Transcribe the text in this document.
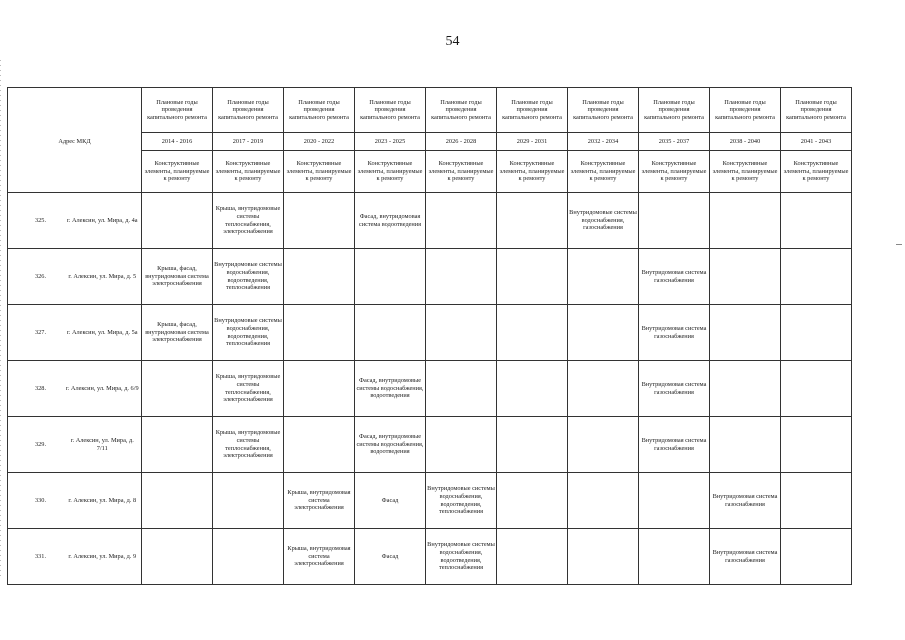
54
		Плановые годы проведения капитального ремонта	Плановые годы проведения капитального ремонта	Плановые годы проведения капитального ремонта	Плановые годы проведения капитального ремонта	Плановые годы проведения капитального ремонта	Плановые годы проведения капитального ремонта	Плановые годы проведения капитального ремонта	Плановые годы проведения капитального ремонта	Плановые годы проведения капитального ремонта	Плановые годы проведения капитального ремонта
Адрес МКД		2014 - 2016	2017 - 2019	2020 - 2022	2023 - 2025	2026 - 2028	2029 - 2031	2032 - 2034	2035 - 2037	2038 - 2040	2041 - 2043
		Конструктивные элементы, планируемые к ремонту	Конструктивные элементы, планируемые к ремонту	Конструктивные элементы, планируемые к ремонту	Конструктивные элементы, планируемые к ремонту	Конструктивные элементы, планируемые к ремонту	Конструктивные элементы, планируемые к ремонту	Конструктивные элементы, планируемые к ремонту	Конструктивные элементы, планируемые к ремонту	Конструктивные элементы, планируемые к ремонту	Конструктивные элементы, планируемые к ремонту
325.	г. Алексин, ул. Мира, д. 4а		Крыша, внутридомовые системы теплоснабжения, электроснабжения		Фасад, внутридомовая система водоотведения			Внутридомовые системы водоснабжения, газоснабжения			
326.	г. Алексин, ул. Мира, д. 5	Крыша, фасад, внутридомовая система электроснабжения	Внутридомовые системы водоснабжения, водоотведения, теплоснабжения						Внутридомовая система газоснабжения		
327.	г. Алексин, ул. Мира, д. 5а	Крыша, фасад, внутридомовая система электроснабжения	Внутридомовые системы водоснабжения, водоотведения, теплоснабжения						Внутридомовая система газоснабжения		
328.	г. Алексин, ул. Мира, д. 6/9		Крыша, внутридомовые системы теплоснабжения, электроснабжения		Фасад, внутридомовые системы водоснабжения, водоотведения				Внутридомовая система газоснабжения		
329.	г. Алексин, ул. Мира, д. 7/11		Крыша, внутридомовые системы теплоснабжения, электроснабжения		Фасад, внутридомовые системы водоснабжения, водоотведения				Внутридомовая система газоснабжения		
330.	г. Алексин, ул. Мира, д. 8			Крыша, внутридомовая система электроснабжения	Фасад	Внутридомовые системы водоснабжения, водоотведения, теплоснабжения				Внутридомовая система газоснабжения	
331.	г. Алексин, ул. Мира, д. 9			Крыша, внутридомовая система электроснабжения	Фасад	Внутридомовые системы водоснабжения, водоотведения, теплоснабжения				Внутридомовая система газоснабжения	
